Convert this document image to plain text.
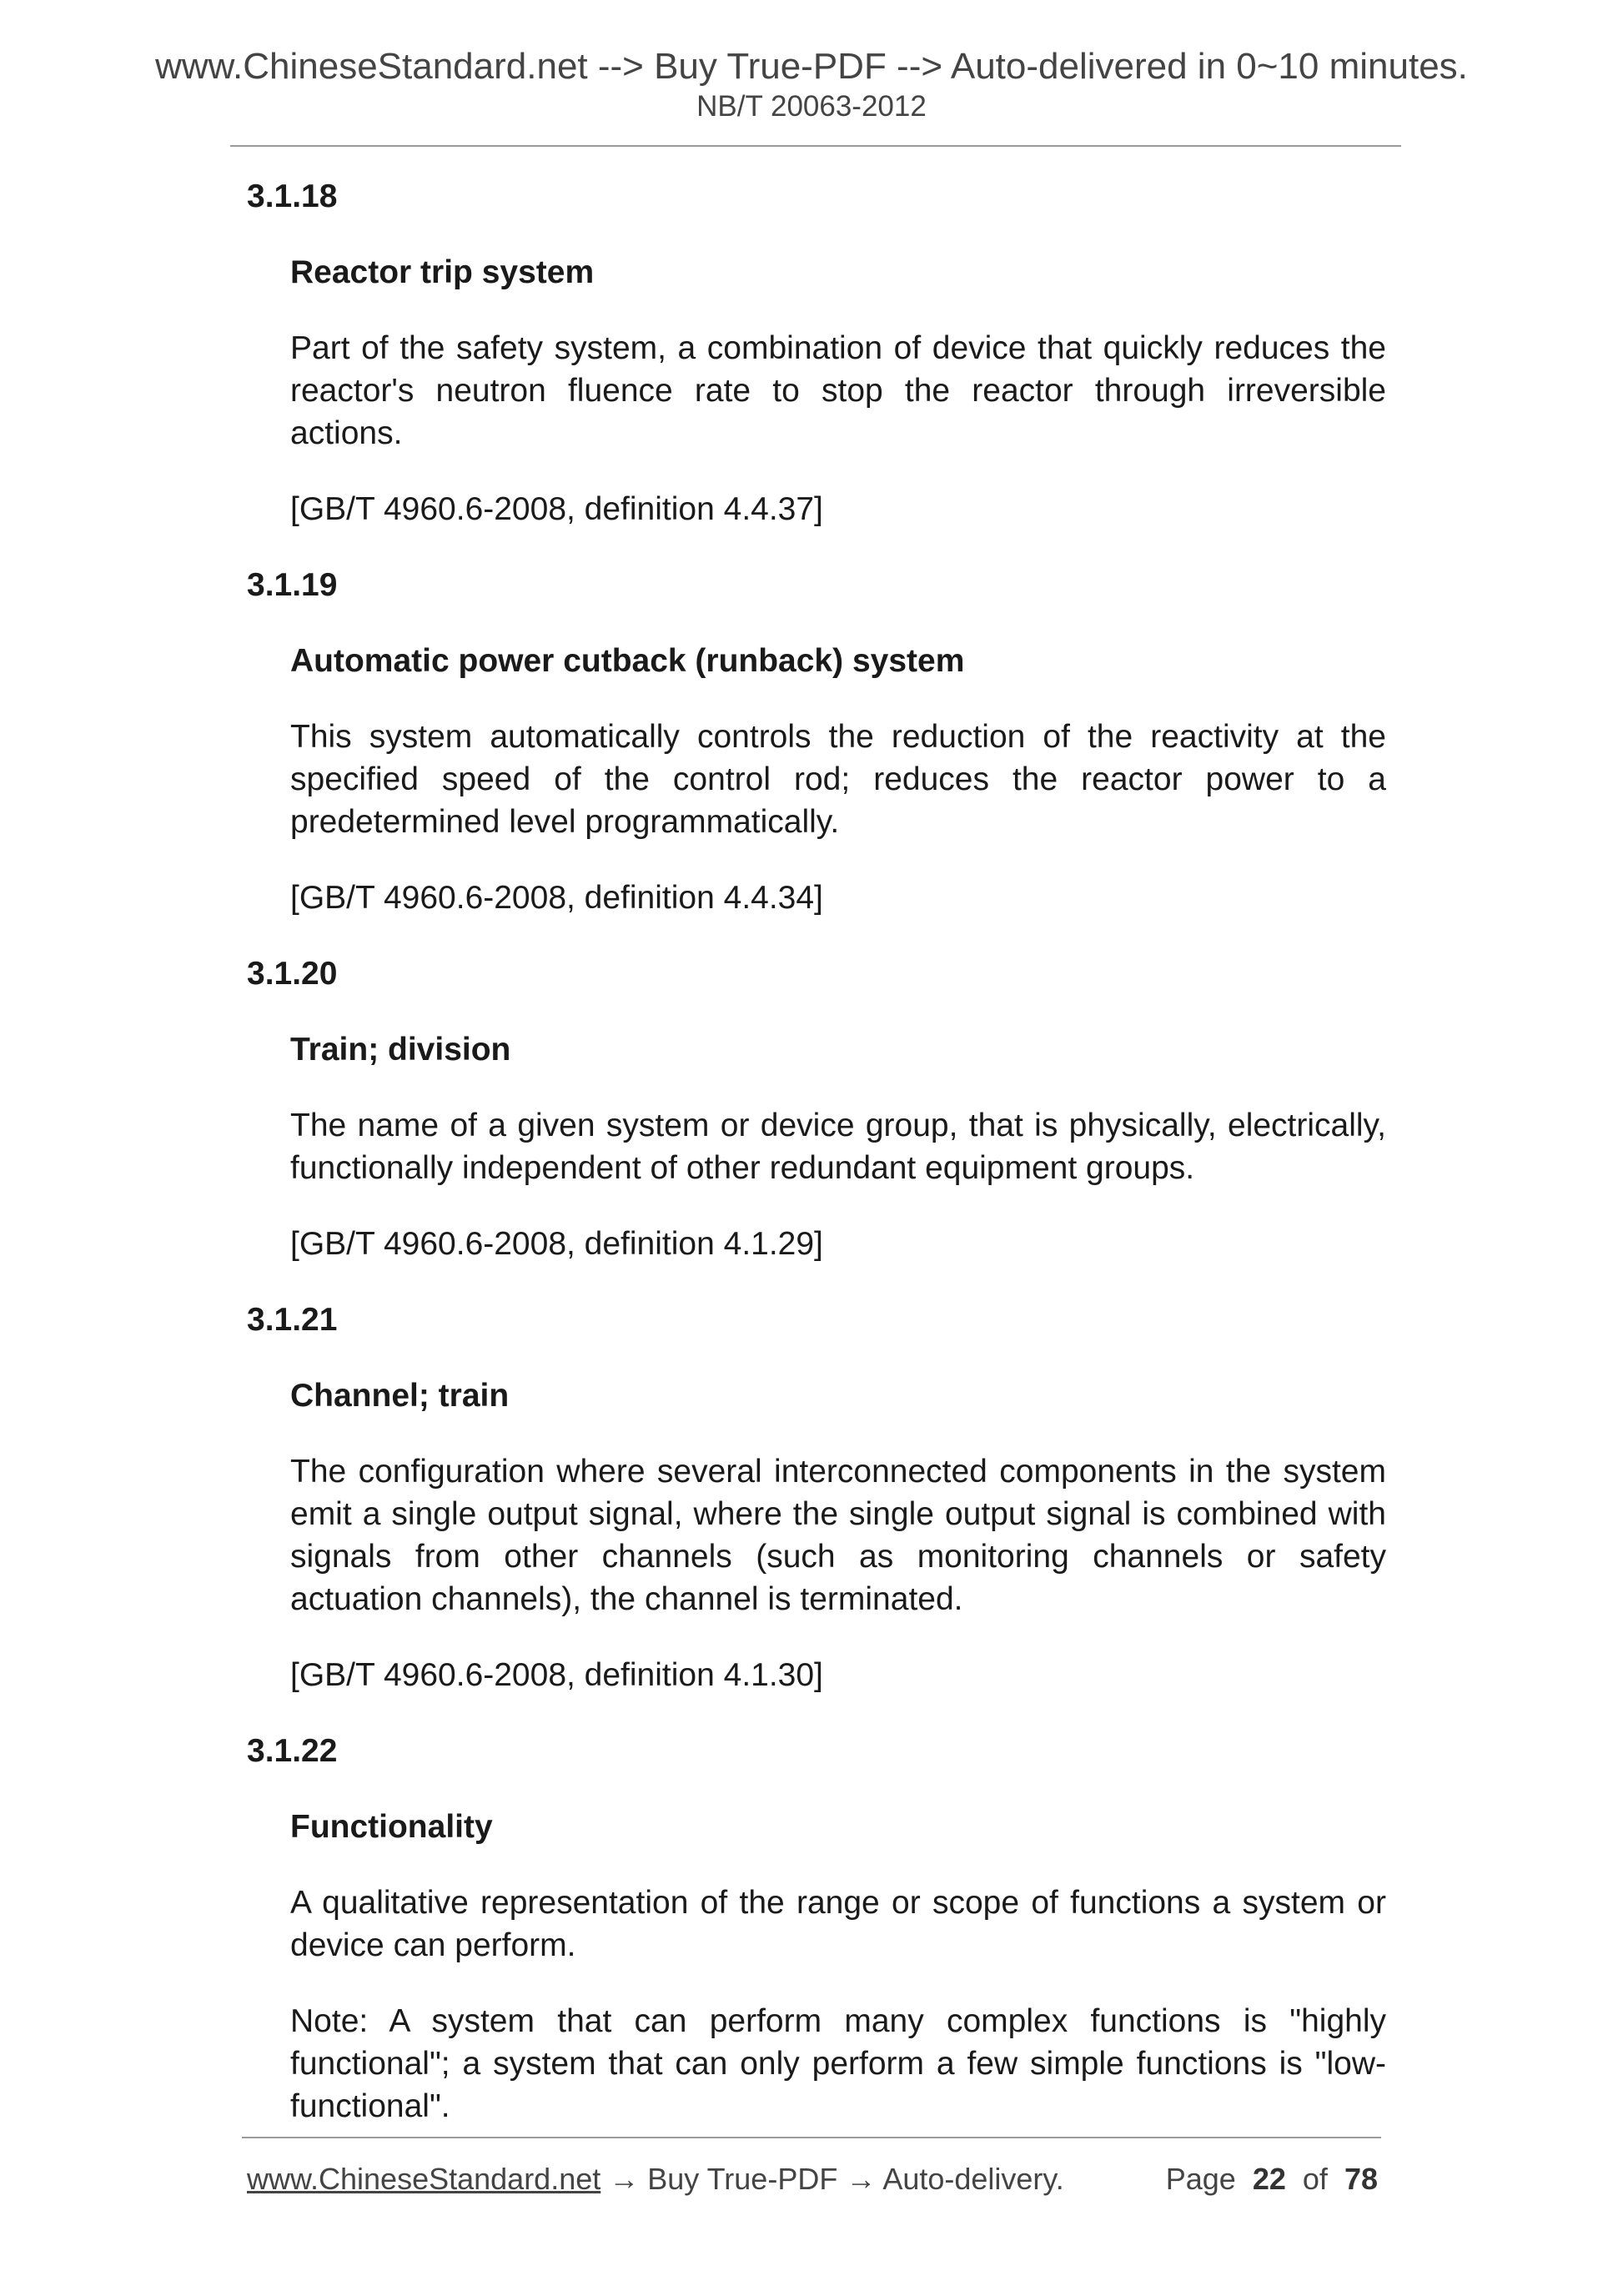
www.ChineseStandard.net --> Buy True-PDF --> Auto-delivered in 0~10 minutes.
NB/T 20063-2012
3.1.18
Reactor trip system
Part of the safety system, a combination of device that quickly reduces the reactor's neutron fluence rate to stop the reactor through irreversible actions.
[GB/T 4960.6-2008, definition 4.4.37]
3.1.19
Automatic power cutback (runback) system
This system automatically controls the reduction of the reactivity at the specified speed of the control rod; reduces the reactor power to a predetermined level programmatically.
[GB/T 4960.6-2008, definition 4.4.34]
3.1.20
Train; division
The name of a given system or device group, that is physically, electrically, functionally independent of other redundant equipment groups.
[GB/T 4960.6-2008, definition 4.1.29]
3.1.21
Channel; train
The configuration where several interconnected components in the system emit a single output signal, where the single output signal is combined with signals from other channels (such as monitoring channels or safety actuation channels), the channel is terminated.
[GB/T 4960.6-2008, definition 4.1.30]
3.1.22
Functionality
A qualitative representation of the range or scope of functions a system or device can perform.
Note: A system that can perform many complex functions is "highly functional"; a system that can only perform a few simple functions is "low-functional".
www.ChineseStandard.net → Buy True-PDF → Auto-delivery.	Page 22 of 78
